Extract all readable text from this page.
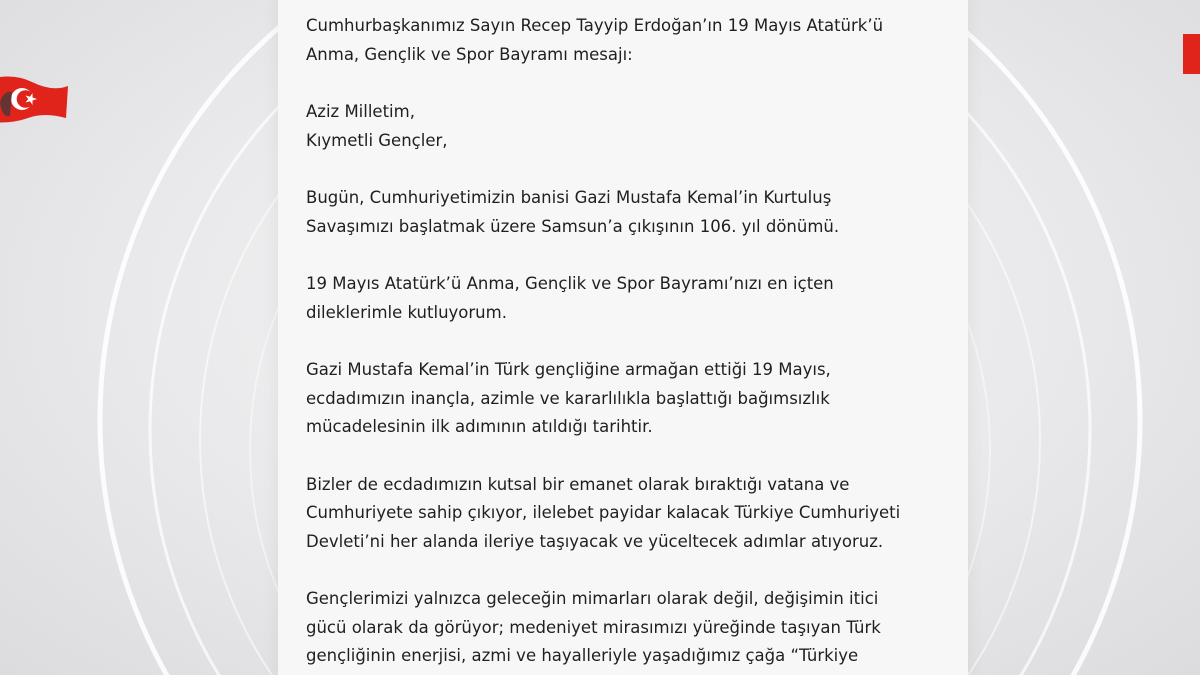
Cumhurbaşkanımız Sayın Recep Tayyip Erdoğan’ın 19 Mayıs Atatürk’ü
Anma, Gençlik ve Spor Bayramı mesajı:

Aziz Milletim,
Kıymetli Gençler,

Bugün, Cumhuriyetimizin banisi Gazi Mustafa Kemal’in Kurtuluş
Savaşımızı başlatmak üzere Samsun’a çıkışının 106. yıl dönümü.

19 Mayıs Atatürk’ü Anma, Gençlik ve Spor Bayramı’nızı en içten
dileklerimle kutluyorum.

Gazi Mustafa Kemal’in Türk gençliğine armağan ettiği 19 Mayıs,
ecdadımızın inançla, azimle ve kararlılıkla başlattığı bağımsızlık
mücadelesinin ilk adımının atıldığı tarihtir.

Bizler de ecdadımızın kutsal bir emanet olarak bıraktığı vatana ve
Cumhuriyete sahip çıkıyor, ilelebet payidar kalacak Türkiye Cumhuriyeti
Devleti’ni her alanda ileriye taşıyacak ve yüceltecek adımlar atıyoruz.

Gençlerimizi yalnızca geleceğin mimarları olarak değil, değişimin itici
gücü olarak da görüyor; medeniyet mirasımızı yüreğinde taşıyan Türk
gençliğinin enerjisi, azmi ve hayalleriyle yaşadığımız çağa “Türkiye
